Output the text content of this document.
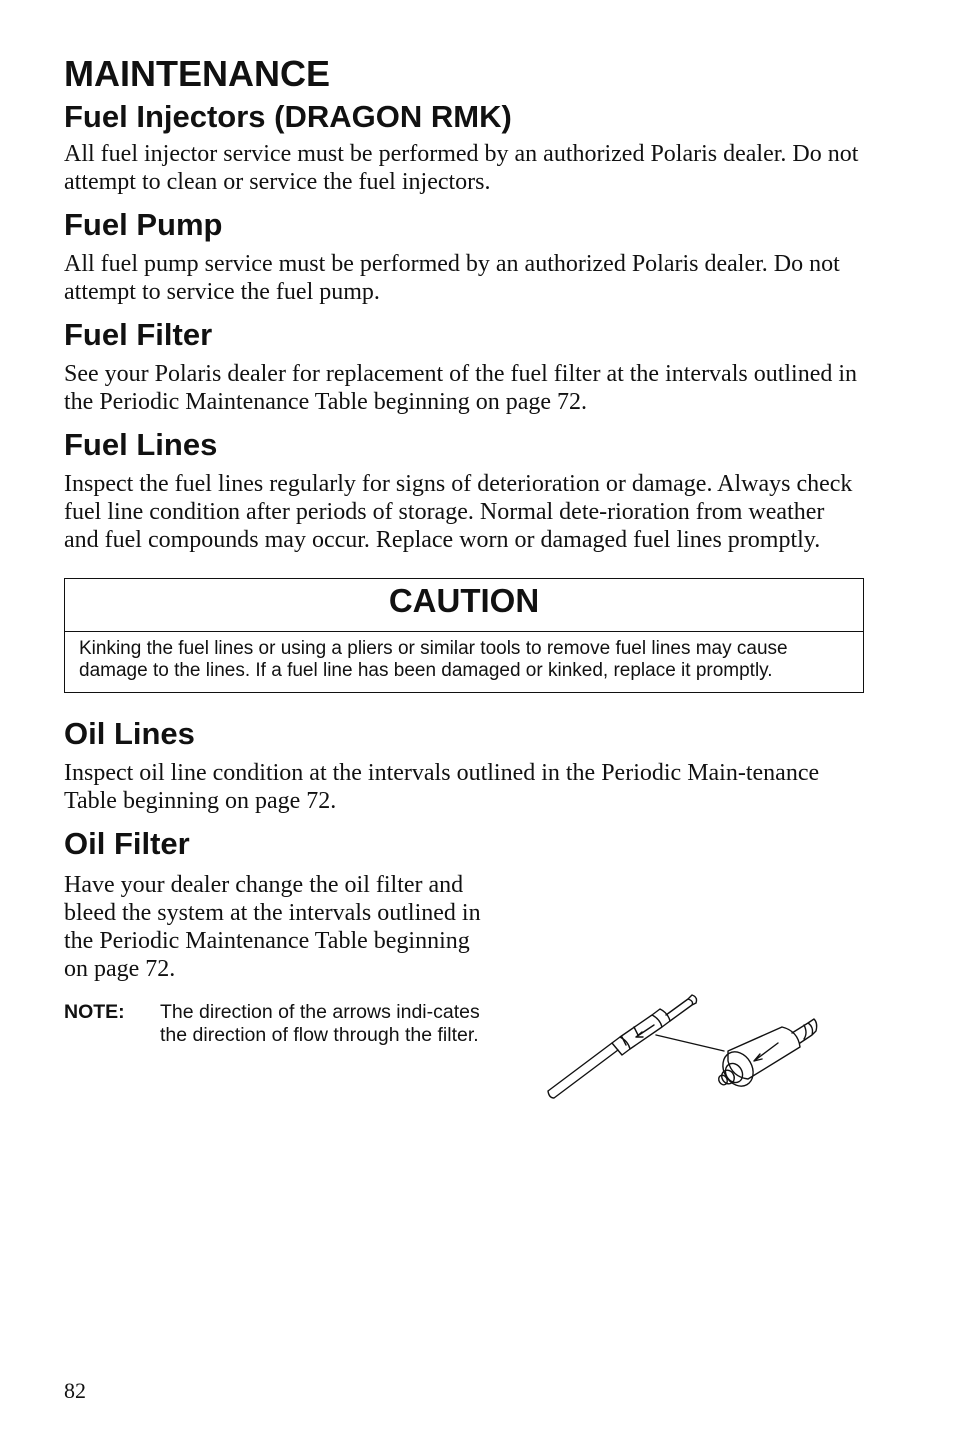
MAINTENANCE
Fuel Injectors (DRAGON RMK)

All fuel injector service must be performed by an authorized Polaris dealer. Do not attempt to clean or service the fuel injectors.

Fuel Pump

All fuel pump service must be performed by an authorized Polaris dealer. Do not attempt to service the fuel pump.

Fuel Filter

See your Polaris dealer for replacement of the fuel filter at the intervals outlined in the Periodic Maintenance Table beginning on page 72.

Fuel Lines

Inspect the fuel lines regularly for signs of deterioration or damage. Always check fuel line condition after periods of storage. Normal dete-rioration from weather and fuel compounds may occur. Replace worn or damaged fuel lines promptly.

CAUTION
Kinking the fuel lines or using a pliers or similar tools to remove fuel lines may cause damage to the lines. If a fuel line has been damaged or kinked, replace it promptly.
Oil Lines

Inspect oil line condition at the intervals outlined in the Periodic Main-tenance Table beginning on page 72.

Oil Filter

Have your dealer change the oil filter and bleed the system at the intervals outlined in the Periodic Maintenance Table beginning on page 72.

NOTE:	The direction of the arrows indi-cates the direction of flow through the filter.
82
